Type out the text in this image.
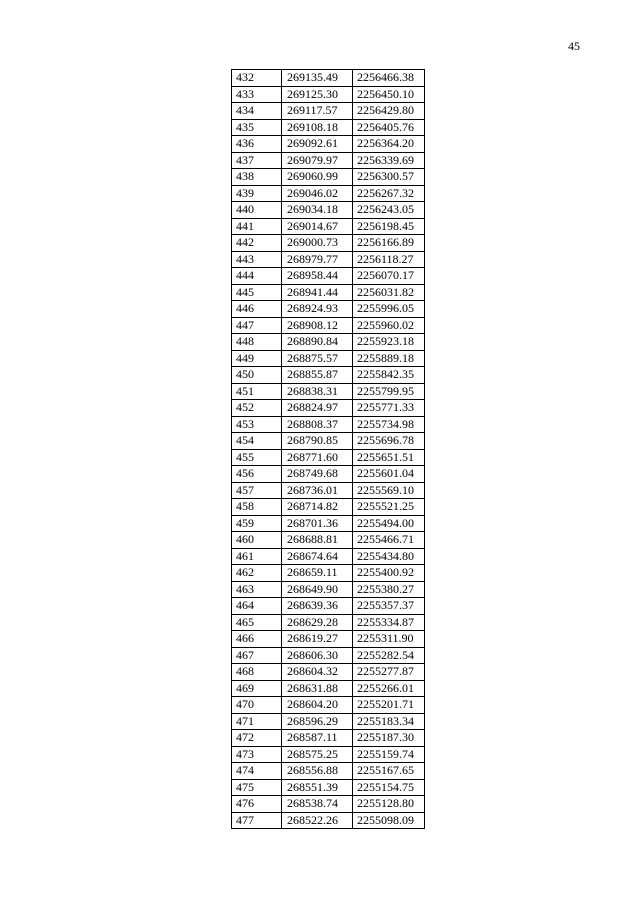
45
432	269135.49	2256466.38
433	269125.30	2256450.10
434	269117.57	2256429.80
435	269108.18	2256405.76
436	269092.61	2256364.20
437	269079.97	2256339.69
438	269060.99	2256300.57
439	269046.02	2256267.32
440	269034.18	2256243.05
441	269014.67	2256198.45
442	269000.73	2256166.89
443	268979.77	2256118.27
444	268958.44	2256070.17
445	268941.44	2256031.82
446	268924.93	2255996.05
447	268908.12	2255960.02
448	268890.84	2255923.18
449	268875.57	2255889.18
450	268855.87	2255842.35
451	268838.31	2255799.95
452	268824.97	2255771.33
453	268808.37	2255734.98
454	268790.85	2255696.78
455	268771.60	2255651.51
456	268749.68	2255601.04
457	268736.01	2255569.10
458	268714.82	2255521.25
459	268701.36	2255494.00
460	268688.81	2255466.71
461	268674.64	2255434.80
462	268659.11	2255400.92
463	268649.90	2255380.27
464	268639.36	2255357.37
465	268629.28	2255334.87
466	268619.27	2255311.90
467	268606.30	2255282.54
468	268604.32	2255277.87
469	268631.88	2255266.01
470	268604.20	2255201.71
471	268596.29	2255183.34
472	268587.11	2255187.30
473	268575.25	2255159.74
474	268556.88	2255167.65
475	268551.39	2255154.75
476	268538.74	2255128.80
477	268522.26	2255098.09
